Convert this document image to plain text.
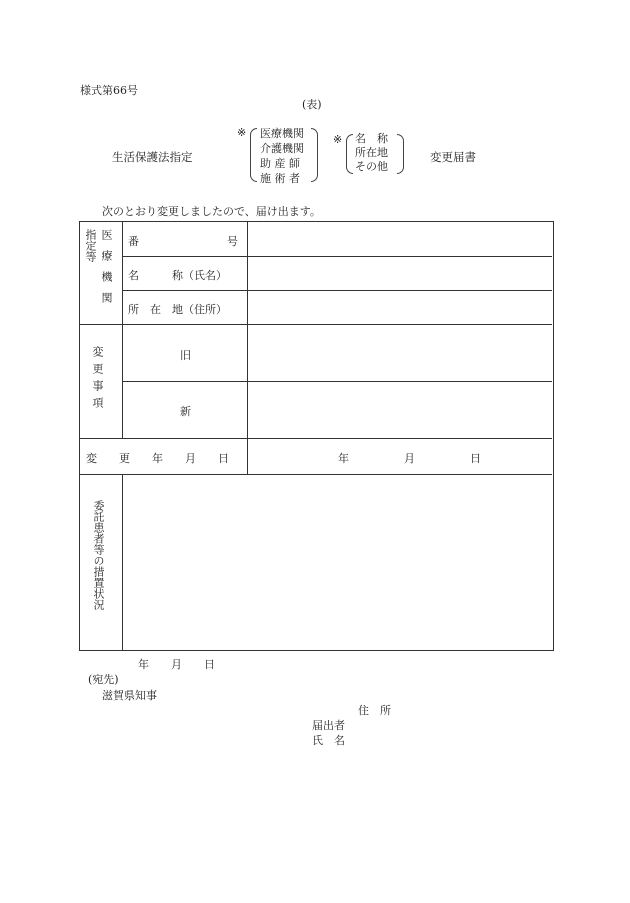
様式第66号
(表)
生活保護法指定
※ 医療機関
介護機関
助 産 師
施 術 者
※ 名　称
所在地
その他
変更届書
次のとおり変更しましたので、届け出ます。
指定等 医療機関 番　　　　　　　　号
名　　　称（氏名）
所　在　地（住所）
変更事項	旧
新
変　　更　　年　　月　　日	年　　　　　月　　　　　日
委託患者等の措置状況
年　　月　　日
(宛先)
滋賀県知事
住　所
届出者
氏　名
